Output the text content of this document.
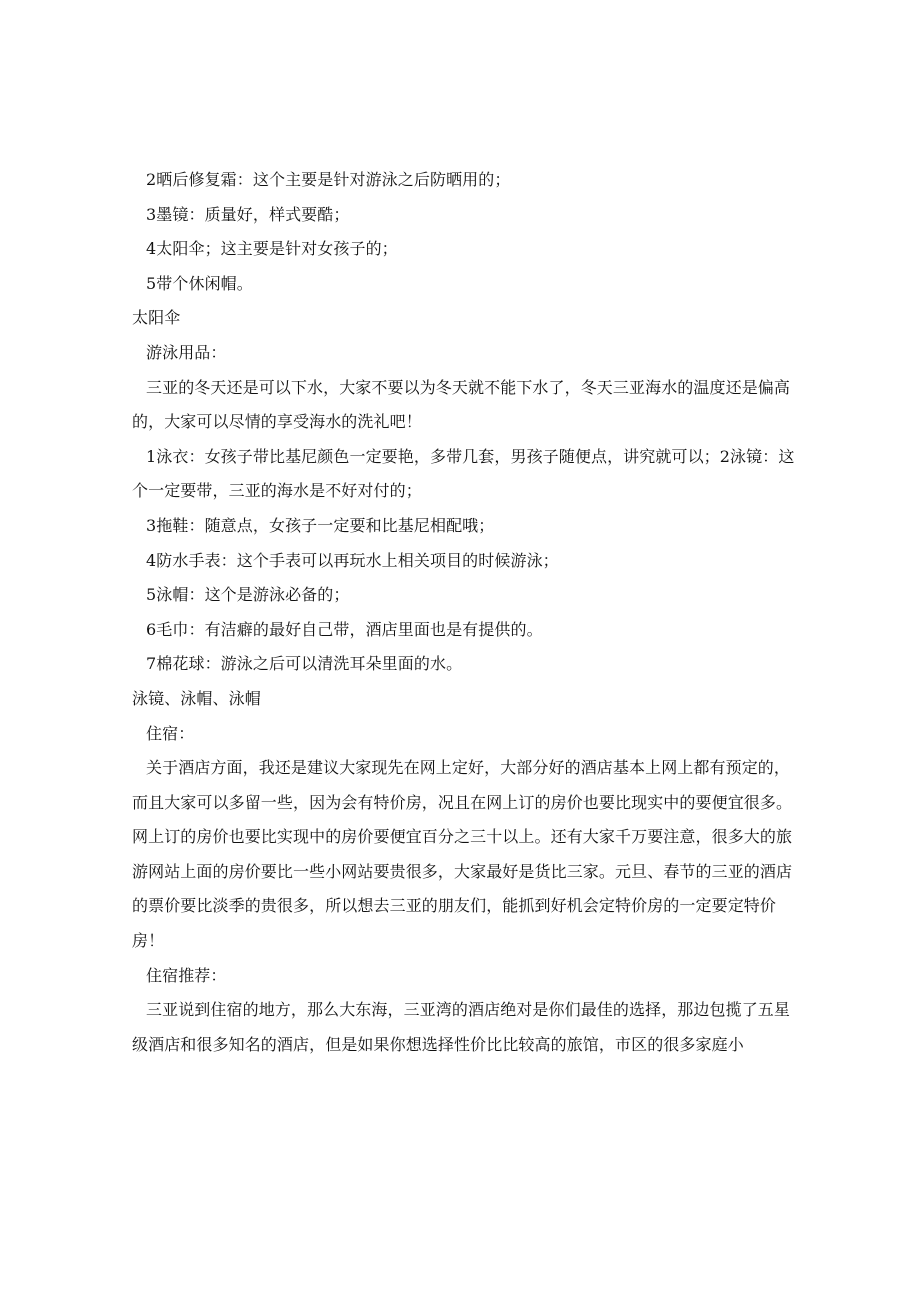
2晒后修复霜：这个主要是针对游泳之后防晒用的；

3墨镜：质量好，样式要酷；

4太阳伞；这主要是针对女孩子的；

5带个休闲帽。

太阳伞

游泳用品：

三亚的冬天还是可以下水，大家不要以为冬天就不能下水了，冬天三亚海水的温度还是偏高的，大家可以尽情的享受海水的洗礼吧！

1泳衣：女孩子带比基尼颜色一定要艳，多带几套，男孩子随便点，讲究就可以；2泳镜：这个一定要带，三亚的海水是不好对付的；

3拖鞋：随意点，女孩子一定要和比基尼相配哦；

4防水手表：这个手表可以再玩水上相关项目的时候游泳；

5泳帽：这个是游泳必备的；

6毛巾：有洁癖的最好自己带，酒店里面也是有提供的。

7棉花球：游泳之后可以清洗耳朵里面的水。

泳镜、泳帽、泳帽

住宿：

关于酒店方面，我还是建议大家现先在网上定好，大部分好的酒店基本上网上都有预定的，而且大家可以多留一些，因为会有特价房，况且在网上订的房价也要比现实中的要便宜很多。网上订的房价也要比实现中的房价要便宜百分之三十以上。还有大家千万要注意，很多大的旅游网站上面的房价要比一些小网站要贵很多，大家最好是货比三家。元旦、春节的三亚的酒店的票价要比淡季的贵很多，所以想去三亚的朋友们，能抓到好机会定特价房的一定要定特价房！

住宿推荐：

三亚说到住宿的地方，那么大东海，三亚湾的酒店绝对是你们最佳的选择，那边包揽了五星级酒店和很多知名的酒店，但是如果你想选择性价比比较高的旅馆，市区的很多家庭小
